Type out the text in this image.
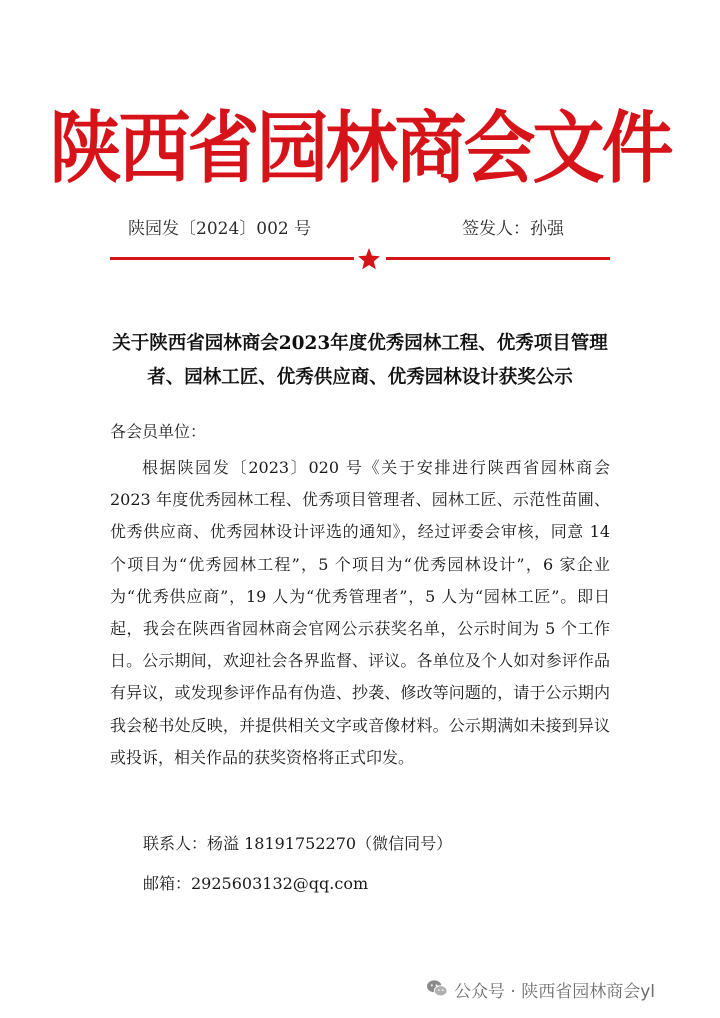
陕西省园林商会文件
陕园发〔2024〕002 号	签发人：孙强
关于陕西省园林商会2023年度优秀园林工程、优秀项目管理者、园林工匠、优秀供应商、优秀园林设计获奖公示
各会员单位：

根据陕园发〔2023〕020 号《关于安排进行陕西省园林商会 2023 年度优秀园林工程、优秀项目管理者、园林工匠、示范性苗圃、优秀供应商、优秀园林设计评选的通知》，经过评委会审核，同意 14 个项目为“优秀园林工程”，5 个项目为“优秀园林设计”，6 家企业为“优秀供应商”，19 人为“优秀管理者”，5 人为“园林工匠”。即日起，我会在陕西省园林商会官网公示获奖名单，公示时间为 5 个工作日。公示期间，欢迎社会各界监督、评议。各单位及个人如对参评作品有异议，或发现参评作品有伪造、抄袭、修改等问题的，请于公示期内我会秘书处反映，并提供相关文字或音像材料。公示期满如未接到异议或投诉，相关作品的获奖资格将正式印发。

联系人：杨溢 18191752270（微信同号）
邮箱：2925603132@qq.com
公众号 · 陕西省园林商会yl
